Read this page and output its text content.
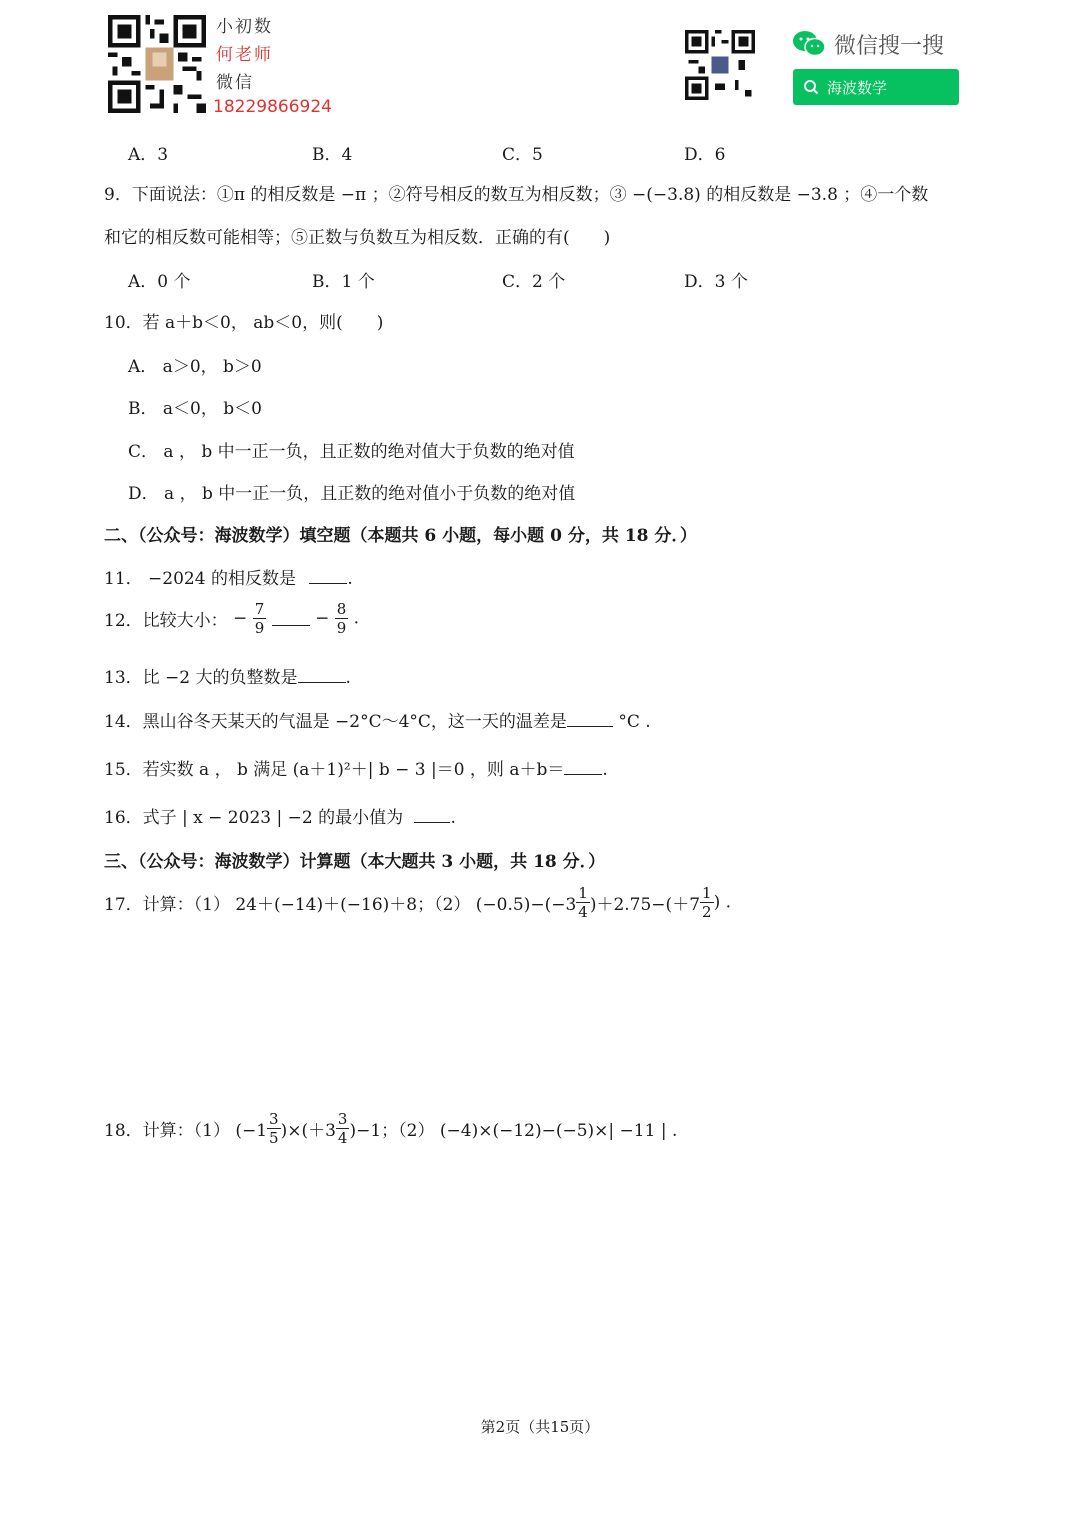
小初数
何老师
微信
18229866924
微信搜一搜
海波数学
A．3	B．4	C．5	D．6
9．下面说法：①π 的相反数是 −π ；②符号相反的数互为相反数；③ −(−3.8) 的相反数是 −3.8 ；④一个数
和它的相反数可能相等；⑤正数与负数互为相反数．正确的有(　　)
A．0 个	B．1 个	C．2 个	D．3 个
10．若 a＋b＜0， ab＜0，则(　　)
A． a＞0， b＞0
B． a＜0， b＜0
C． a ， b 中一正一负，且正数的绝对值大于负数的绝对值
D． a ， b 中一正一负，且正数的绝对值小于负数的绝对值
二、（公众号：海波数学）填空题（本题共 6 小题，每小题 0 分，共 18 分．）
11． −2024 的相反数是	.
12．比较大小： − $\frac{7}{9}$	− $\frac{8}{9}$ .
13．比 −2 大的负整数是	.
14．黑山谷冬天某天的气温是 −2°C～4°C，这一天的温差是	°C .
15．若实数 a ， b 满足 (a＋1)²＋| b − 3 |＝0 ，则 a＋b＝ .
16．式子 | x − 2023 | −2 的最小值为	.
三、（公众号：海波数学）计算题（本大题共 3 小题，共 18 分．）
17．计算：（1） 24＋(−14)＋(−16)＋8；（2） $(-0.5)-(-3 \frac{1}{4} )+2.75-(+7 \frac{1}{2}$ ) .
18．计算：（1） $(-1 \frac{3}{5} )\times(+3 \frac{3}{4} )-1$；（2） (−4)×(−12)−(−5)×| −11 | .
第2页（共15页）
